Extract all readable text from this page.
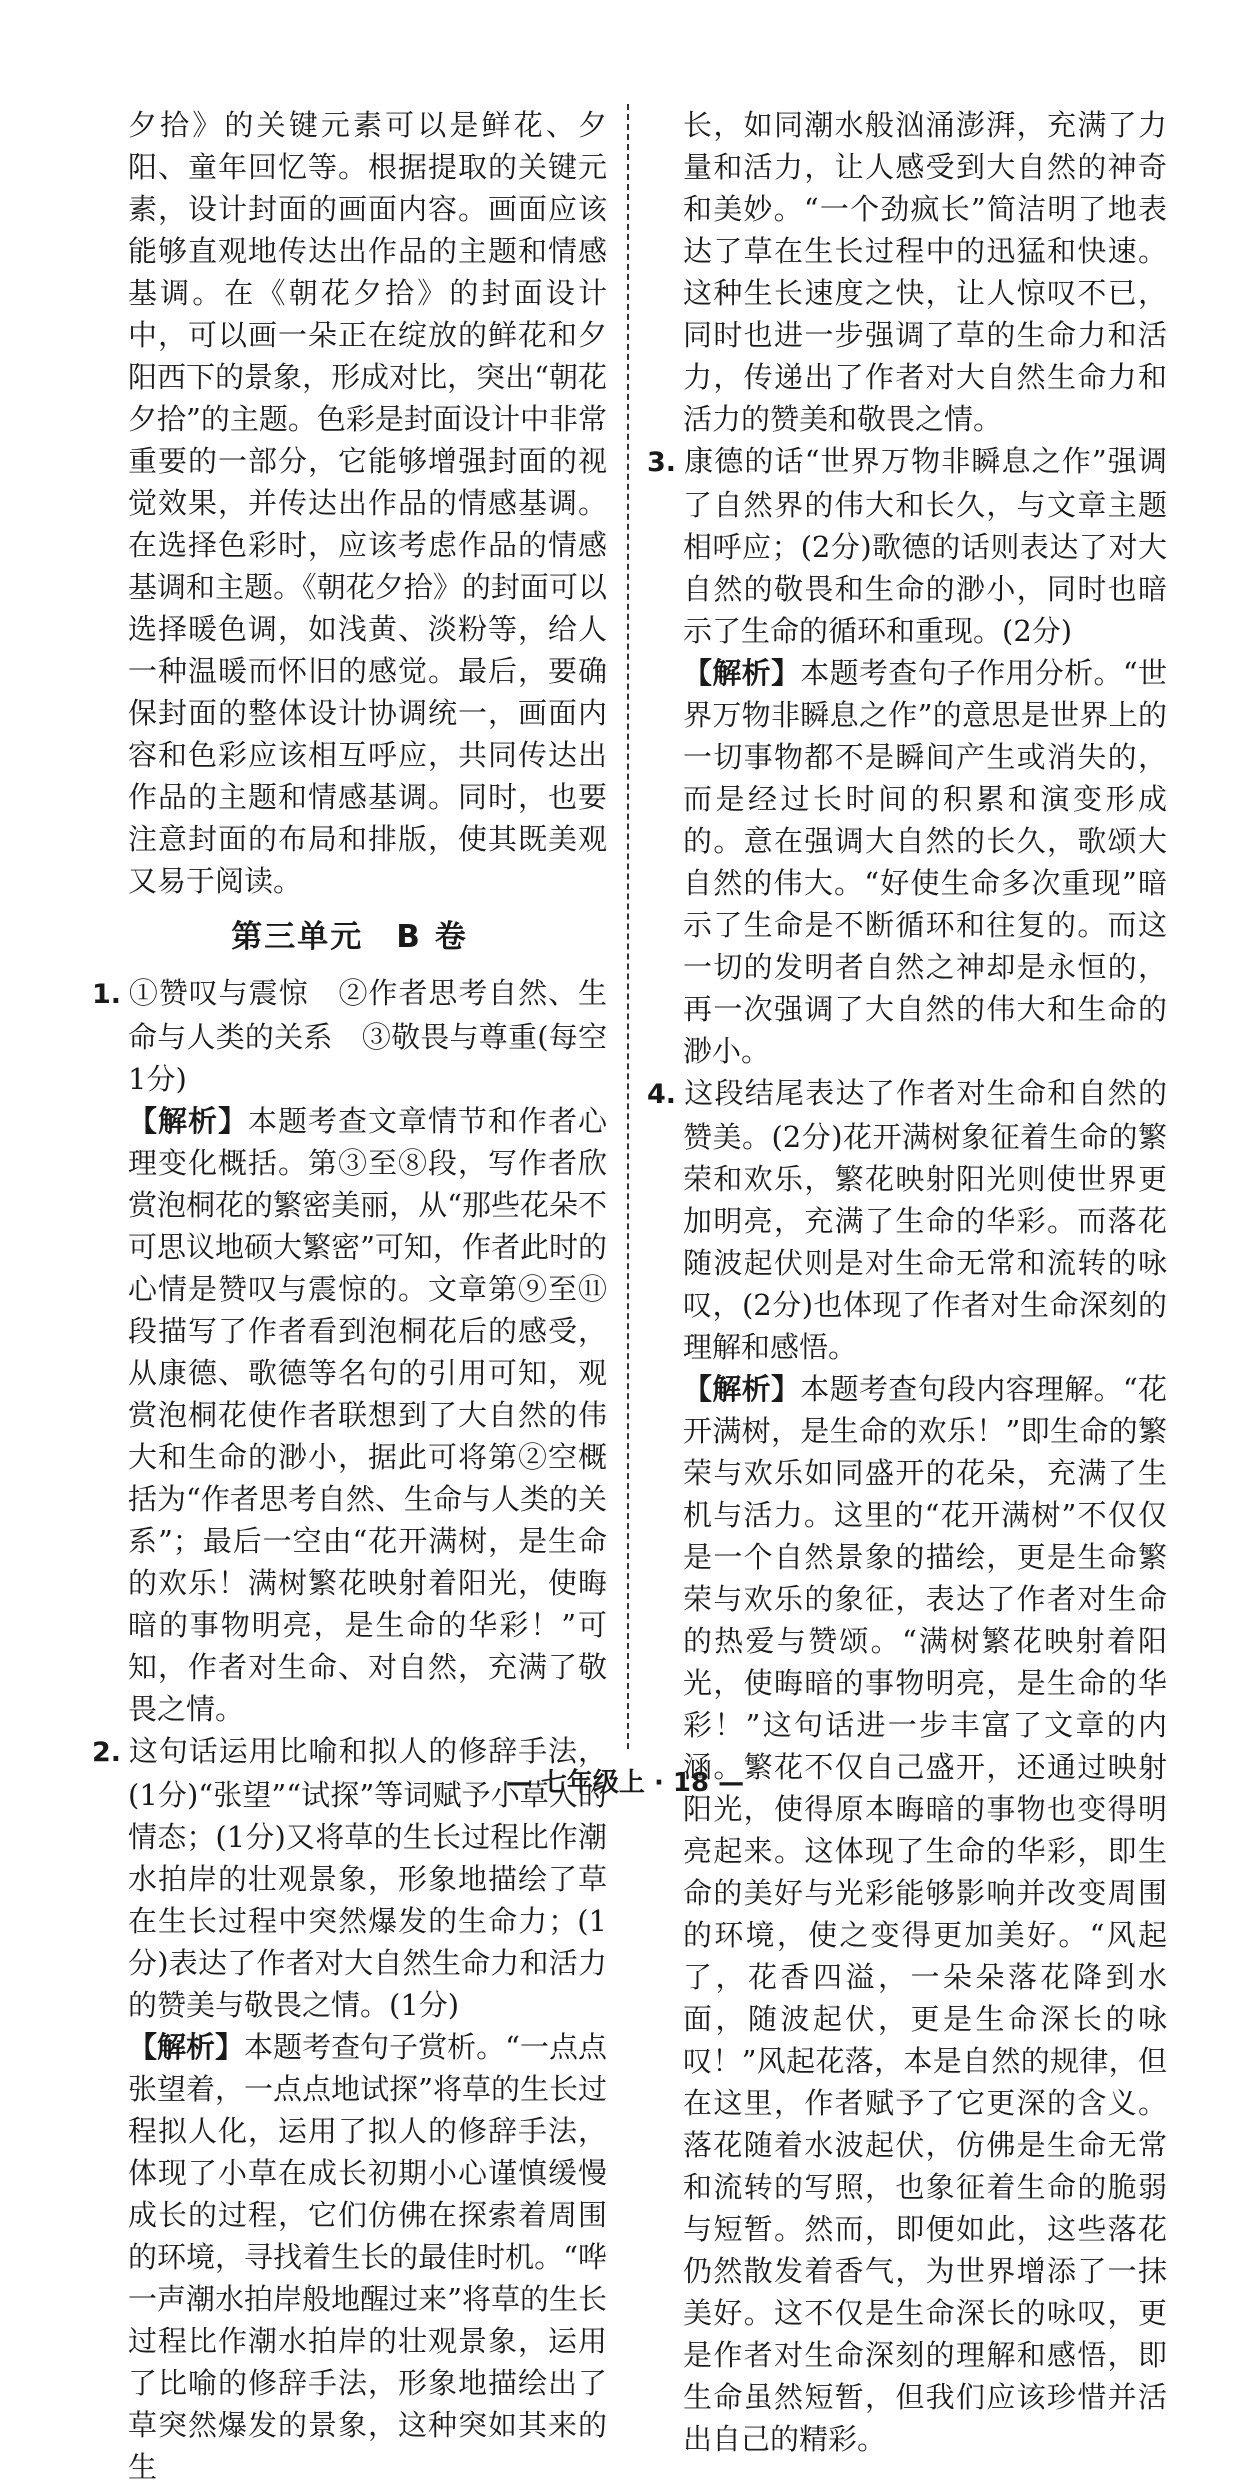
夕拾》的关键元素可以是鲜花、夕阳、童年回忆等。根据提取的关键元素，设计封面的画面内容。画面应该能够直观地传达出作品的主题和情感基调。在《朝花夕拾》的封面设计中，可以画一朵正在绽放的鲜花和夕阳西下的景象，形成对比，突出“朝花夕拾”的主题。色彩是封面设计中非常重要的一部分，它能够增强封面的视觉效果，并传达出作品的情感基调。在选择色彩时，应该考虑作品的情感基调和主题。《朝花夕拾》的封面可以选择暖色调，如浅黄、淡粉等，给人一种温暖而怀旧的感觉。最后，要确保封面的整体设计协调统一，画面内容和色彩应该相互呼应，共同传达出作品的主题和情感基调。同时，也要注意封面的布局和排版，使其既美观又易于阅读。

第三单元　B 卷

1. ①赞叹与震惊　②作者思考自然、生命与人类的关系　③敬畏与尊重(每空1分)

【解析】本题考查文章情节和作者心理变化概括。第③至⑧段，写作者欣赏泡桐花的繁密美丽，从“那些花朵不可思议地硕大繁密”可知，作者此时的心情是赞叹与震惊的。文章第⑨至⑪段描写了作者看到泡桐花后的感受，从康德、歌德等名句的引用可知，观赏泡桐花使作者联想到了大自然的伟大和生命的渺小，据此可将第②空概括为“作者思考自然、生命与人类的关系”；最后一空由“花开满树，是生命的欢乐！满树繁花映射着阳光，使晦暗的事物明亮，是生命的华彩！”可知，作者对生命、对自然，充满了敬畏之情。

2. 这句话运用比喻和拟人的修辞手法，(1分)“张望”“试探”等词赋予小草人的情态；(1分)又将草的生长过程比作潮水拍岸的壮观景象，形象地描绘了草在生长过程中突然爆发的生命力；(1分)表达了作者对大自然生命力和活力的赞美与敬畏之情。(1分)

【解析】本题考查句子赏析。“一点点张望着，一点点地试探”将草的生长过程拟人化，运用了拟人的修辞手法，体现了小草在成长初期小心谨慎缓慢成长的过程，它们仿佛在探索着周围的环境，寻找着生长的最佳时机。“哗一声潮水拍岸般地醒过来”将草的生长过程比作潮水拍岸的壮观景象，运用了比喻的修辞手法，形象地描绘出了草突然爆发的景象，这种突如其来的生

长，如同潮水般汹涌澎湃，充满了力量和活力，让人感受到大自然的神奇和美妙。“一个劲疯长”简洁明了地表达了草在生长过程中的迅猛和快速。这种生长速度之快，让人惊叹不已，同时也进一步强调了草的生命力和活力，传递出了作者对大自然生命力和活力的赞美和敬畏之情。

3. 康德的话“世界万物非瞬息之作”强调了自然界的伟大和长久，与文章主题相呼应；(2分)歌德的话则表达了对大自然的敬畏和生命的渺小，同时也暗示了生命的循环和重现。(2分)

【解析】本题考查句子作用分析。“世界万物非瞬息之作”的意思是世界上的一切事物都不是瞬间产生或消失的，而是经过长时间的积累和演变形成的。意在强调大自然的长久，歌颂大自然的伟大。“好使生命多次重现”暗示了生命是不断循环和往复的。而这一切的发明者自然之神却是永恒的，再一次强调了大自然的伟大和生命的渺小。

4. 这段结尾表达了作者对生命和自然的赞美。(2分)花开满树象征着生命的繁荣和欢乐，繁花映射阳光则使世界更加明亮，充满了生命的华彩。而落花随波起伏则是对生命无常和流转的咏叹，(2分)也体现了作者对生命深刻的理解和感悟。

【解析】本题考查句段内容理解。“花开满树，是生命的欢乐！”即生命的繁荣与欢乐如同盛开的花朵，充满了生机与活力。这里的“花开满树”不仅仅是一个自然景象的描绘，更是生命繁荣与欢乐的象征，表达了作者对生命的热爱与赞颂。“满树繁花映射着阳光，使晦暗的事物明亮，是生命的华彩！”这句话进一步丰富了文章的内涵。繁花不仅自己盛开，还通过映射阳光，使得原本晦暗的事物也变得明亮起来。这体现了生命的华彩，即生命的美好与光彩能够影响并改变周围的环境，使之变得更加美好。“风起了，花香四溢，一朵朵落花降到水面，随波起伏，更是生命深长的咏叹！”风起花落，本是自然的规律，但在这里，作者赋予了它更深的含义。落花随着水波起伏，仿佛是生命无常和流转的写照，也象征着生命的脆弱与短暂。然而，即便如此，这些落花仍然散发着香气，为世界增添了一抹美好。这不仅是生命深长的咏叹，更是作者对生命深刻的理解和感悟，即生命虽然短暂，但我们应该珍惜并活出自己的精彩。

— 七年级上 · 18 —
